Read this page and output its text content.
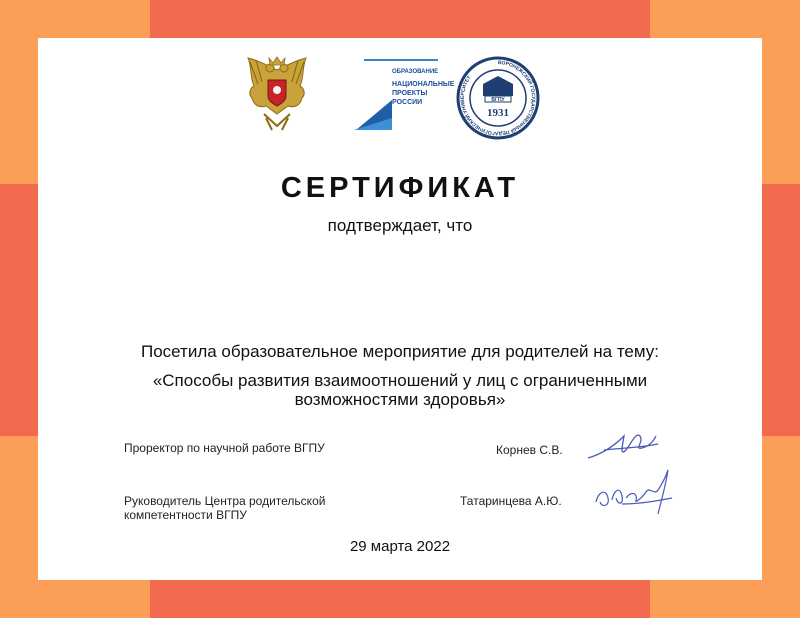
ОБРАЗОВАНИЕ
НАЦИОНАЛЬНЫЕ
ПРОЕКТЫ
РОССИИ	ВГПУ
1931
ВОРОНЕЖСКИЙ ГОСУДАРСТВЕННЫЙ ПЕДАГОГИЧЕСКИЙ УНИВЕРСИТЕТ
СЕРТИФИКАТ
подтверждает, что
Посетила образовательное мероприятие для родителей на тему:
«Способы развития взаимоотношений у лиц с ограниченными возможностями здоровья»
Проректор по научной работе ВГПУ	Корнев С.В.
Руководитель Центра родительской компетентности ВГПУ
Татаринцева А.Ю.
29 марта 2022
